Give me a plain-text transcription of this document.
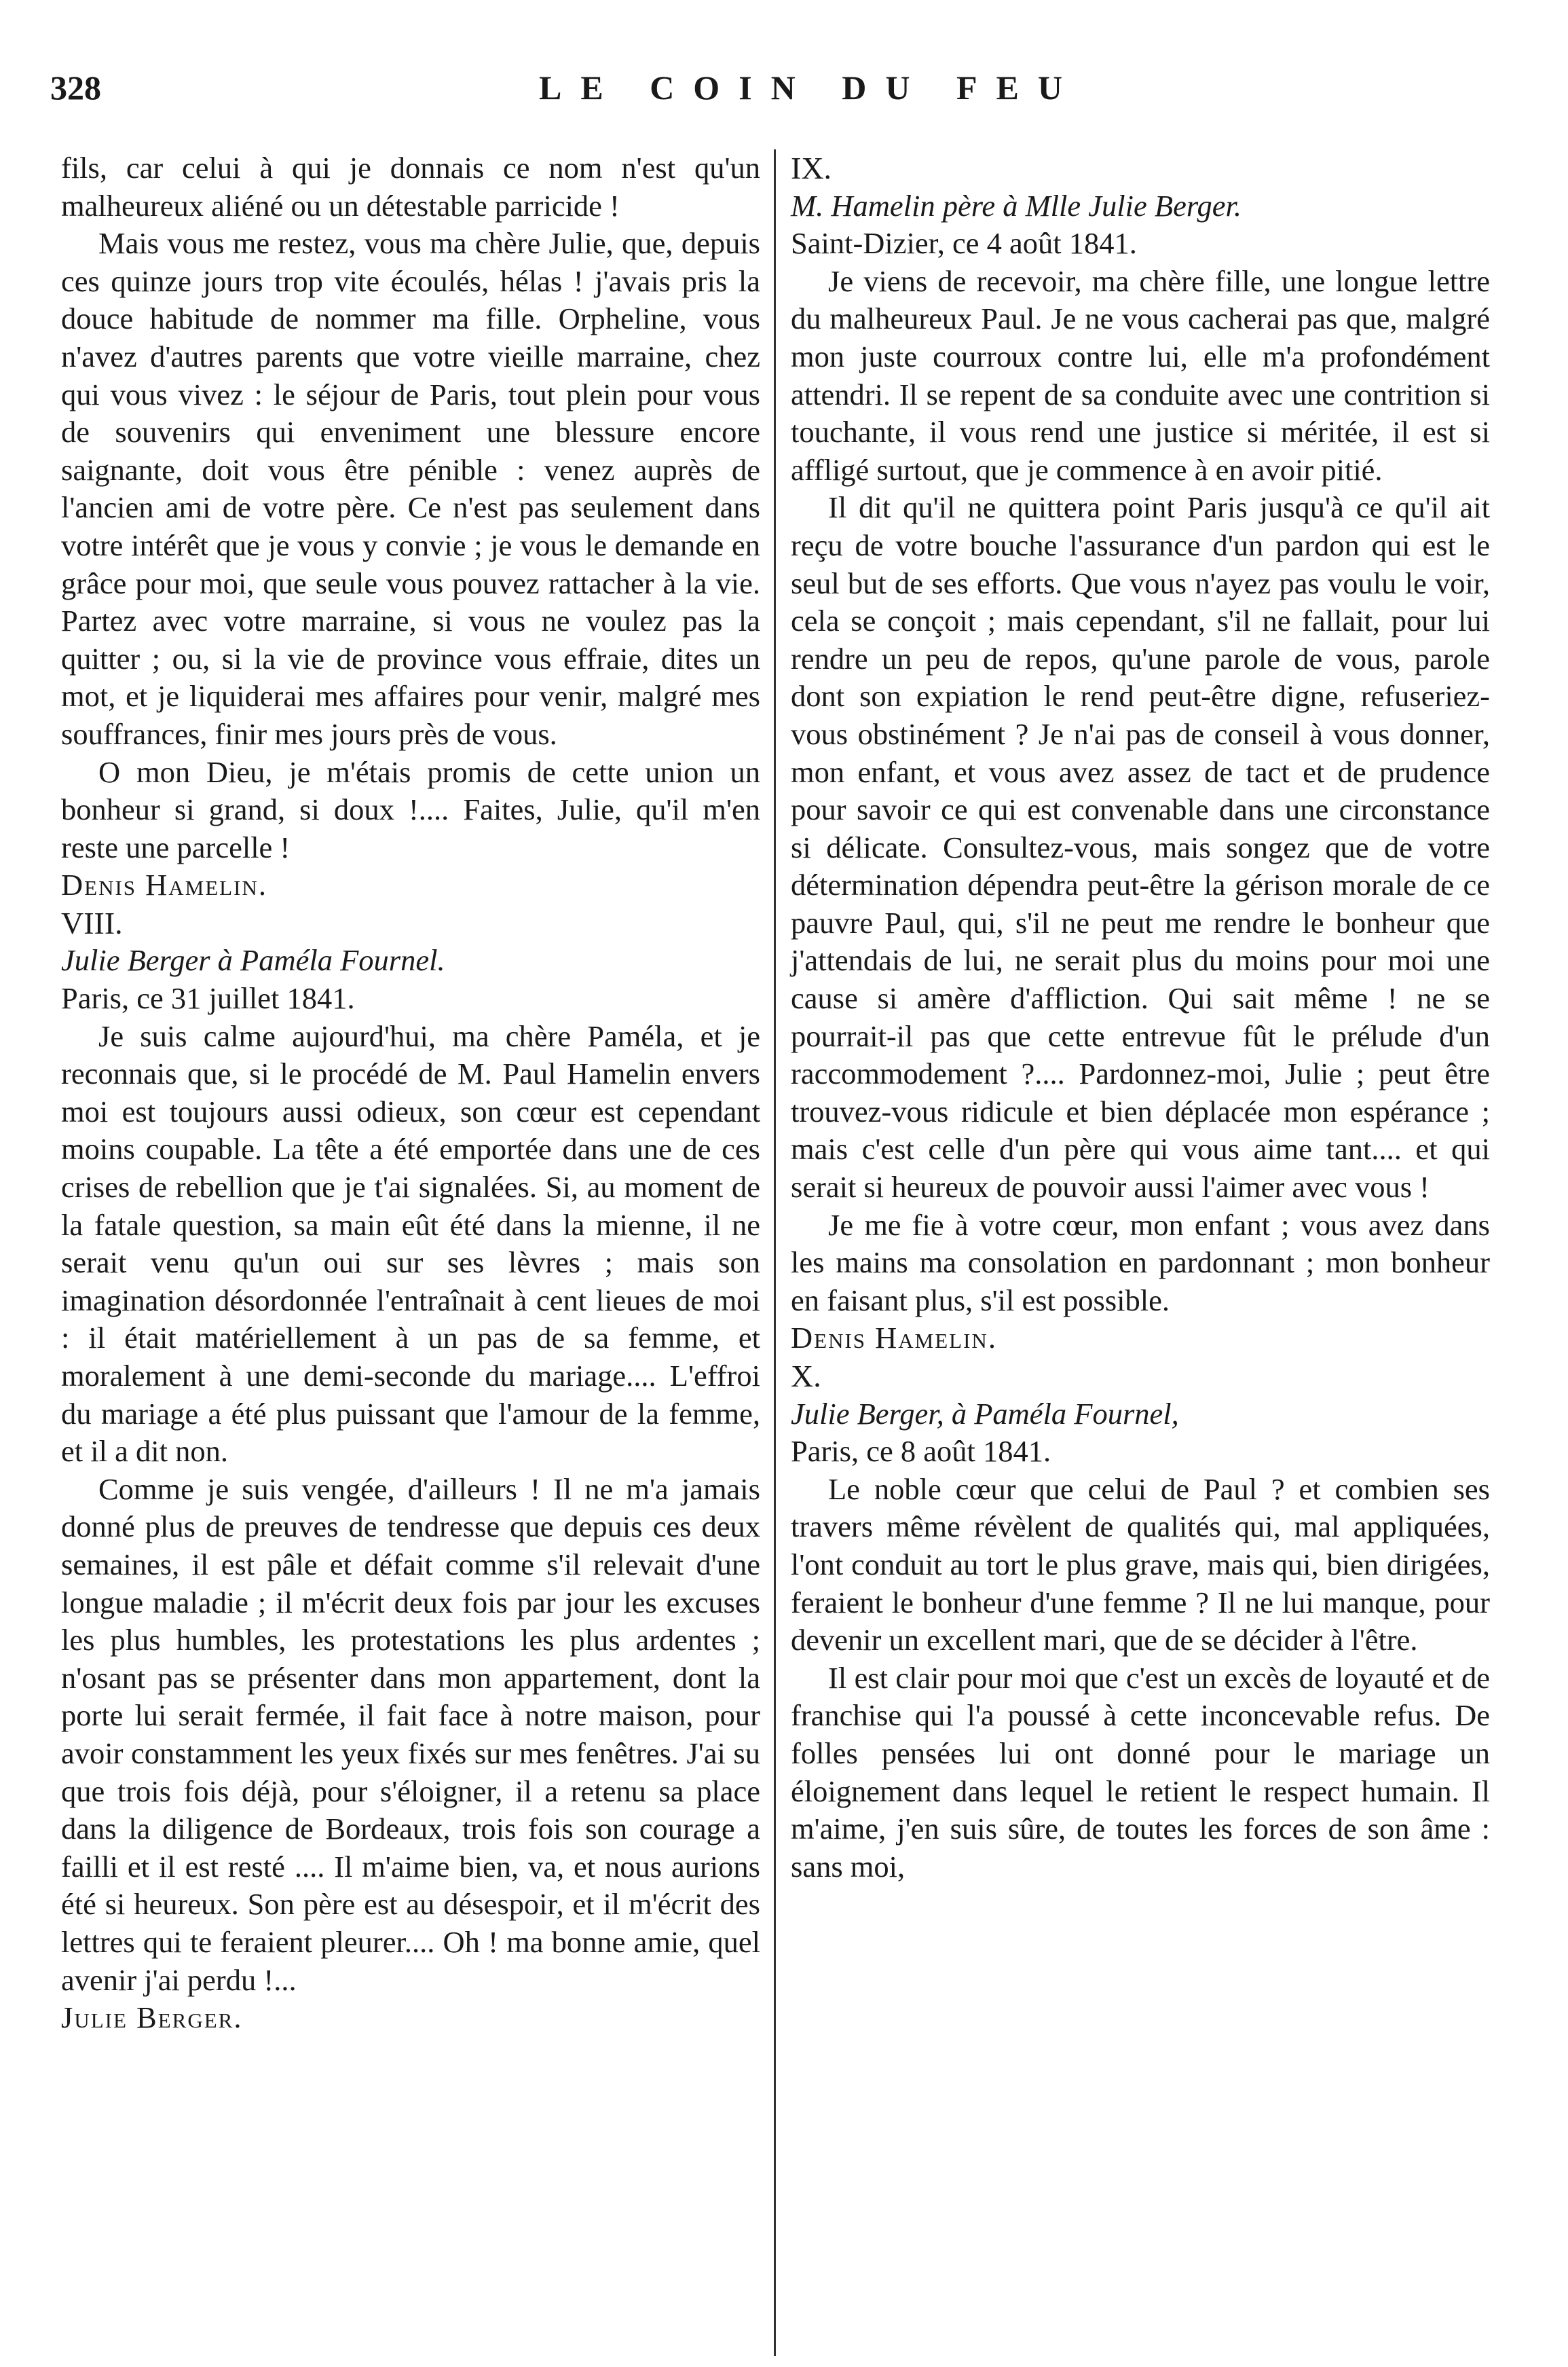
328	LE COIN DU FEU

fils, car celui à qui je donnais ce nom n'est qu'un malheureux aliéné ou un détestable parricide !

Mais vous me restez, vous ma chère Julie, que, depuis ces quinze jours trop vite écoulés, hélas ! j'avais pris la douce habitude de nommer ma fille. Orpheline, vous n'avez d'autres parents que votre vieille marraine, chez qui vous vivez : le séjour de Paris, tout plein pour vous de souvenirs qui enveniment une blessure encore saignante, doit vous être pénible : venez auprès de l'ancien ami de votre père. Ce n'est pas seulement dans votre intérêt que je vous y convie ; je vous le demande en grâce pour moi, que seule vous pouvez rattacher à la vie. Partez avec votre marraine, si vous ne voulez pas la quitter ; ou, si la vie de province vous effraie, dites un mot, et je liquiderai mes affaires pour venir, malgré mes souffrances, finir mes jours près de vous.

O mon Dieu, je m'étais promis de cette union un bonheur si grand, si doux !.... Faites, Julie, qu'il m'en reste une parcelle !

Denis Hamelin.

VIII.

Julie Berger à Paméla Fournel.

Paris, ce 31 juillet 1841.

Je suis calme aujourd'hui, ma chère Paméla, et je reconnais que, si le procédé de M. Paul Hamelin envers moi est toujours aussi odieux, son cœur est cependant moins coupable. La tête a été emportée dans une de ces crises de rebellion que je t'ai signalées. Si, au moment de la fatale question, sa main eût été dans la mienne, il ne serait venu qu'un oui sur ses lèvres ; mais son imagination désordonnée l'entraînait à cent lieues de moi : il était matériellement à un pas de sa femme, et moralement à une demi-seconde du mariage.... L'effroi du mariage a été plus puissant que l'amour de la femme, et il a dit non.

Comme je suis vengée, d'ailleurs ! Il ne m'a jamais donné plus de preuves de tendresse que depuis ces deux semaines, il est pâle et défait comme s'il relevait d'une longue maladie ; il m'écrit deux fois par jour les excuses les plus humbles, les protestations les plus ardentes ; n'osant pas se présenter dans mon appartement, dont la porte lui serait fermée, il fait face à notre maison, pour avoir constamment les yeux fixés sur mes fenêtres. J'ai su que trois fois déjà, pour s'éloigner, il a retenu sa place dans la diligence de Bordeaux, trois fois son courage a failli et il est resté .... Il m'aime bien, va, et nous aurions été si heureux. Son père est au désespoir, et il m'écrit des lettres qui te feraient pleurer.... Oh ! ma bonne amie, quel avenir j'ai perdu !...

Julie Berger.

IX.

M. Hamelin père à Mlle Julie Berger.

Saint-Dizier, ce 4 août 1841.

Je viens de recevoir, ma chère fille, une longue lettre du malheureux Paul. Je ne vous cacherai pas que, malgré mon juste courroux contre lui, elle m'a profondément attendri. Il se repent de sa conduite avec une contrition si touchante, il vous rend une justice si méritée, il est si affligé surtout, que je commence à en avoir pitié.

Il dit qu'il ne quittera point Paris jusqu'à ce qu'il ait reçu de votre bouche l'assurance d'un pardon qui est le seul but de ses efforts. Que vous n'ayez pas voulu le voir, cela se conçoit ; mais cependant, s'il ne fallait, pour lui rendre un peu de repos, qu'une parole de vous, parole dont son expiation le rend peut-être digne, refuseriez-vous obstinément ? Je n'ai pas de conseil à vous donner, mon enfant, et vous avez assez de tact et de prudence pour savoir ce qui est convenable dans une circonstance si délicate. Consultez-vous, mais songez que de votre détermination dépendra peut-être la gérison morale de ce pauvre Paul, qui, s'il ne peut me rendre le bonheur que j'attendais de lui, ne serait plus du moins pour moi une cause si amère d'affliction. Qui sait même ! ne se pourrait-il pas que cette entrevue fût le prélude d'un raccommodement ?.... Pardonnez-moi, Julie ; peut être trouvez-vous ridicule et bien déplacée mon espérance ; mais c'est celle d'un père qui vous aime tant.... et qui serait si heureux de pouvoir aussi l'aimer avec vous !

Je me fie à votre cœur, mon enfant ; vous avez dans les mains ma consolation en pardonnant ; mon bonheur en faisant plus, s'il est possible.

Denis Hamelin.

X.

Julie Berger, à Paméla Fournel,

Paris, ce 8 août 1841.

Le noble cœur que celui de Paul ? et combien ses travers même révèlent de qualités qui, mal appliquées, l'ont conduit au tort le plus grave, mais qui, bien dirigées, feraient le bonheur d'une femme ? Il ne lui manque, pour devenir un excellent mari, que de se décider à l'être.

Il est clair pour moi que c'est un excès de loyauté et de franchise qui l'a poussé à cette inconcevable refus. De folles pensées lui ont donné pour le mariage un éloignement dans lequel le retient le respect humain. Il m'aime, j'en suis sûre, de toutes les forces de son âme : sans moi,
